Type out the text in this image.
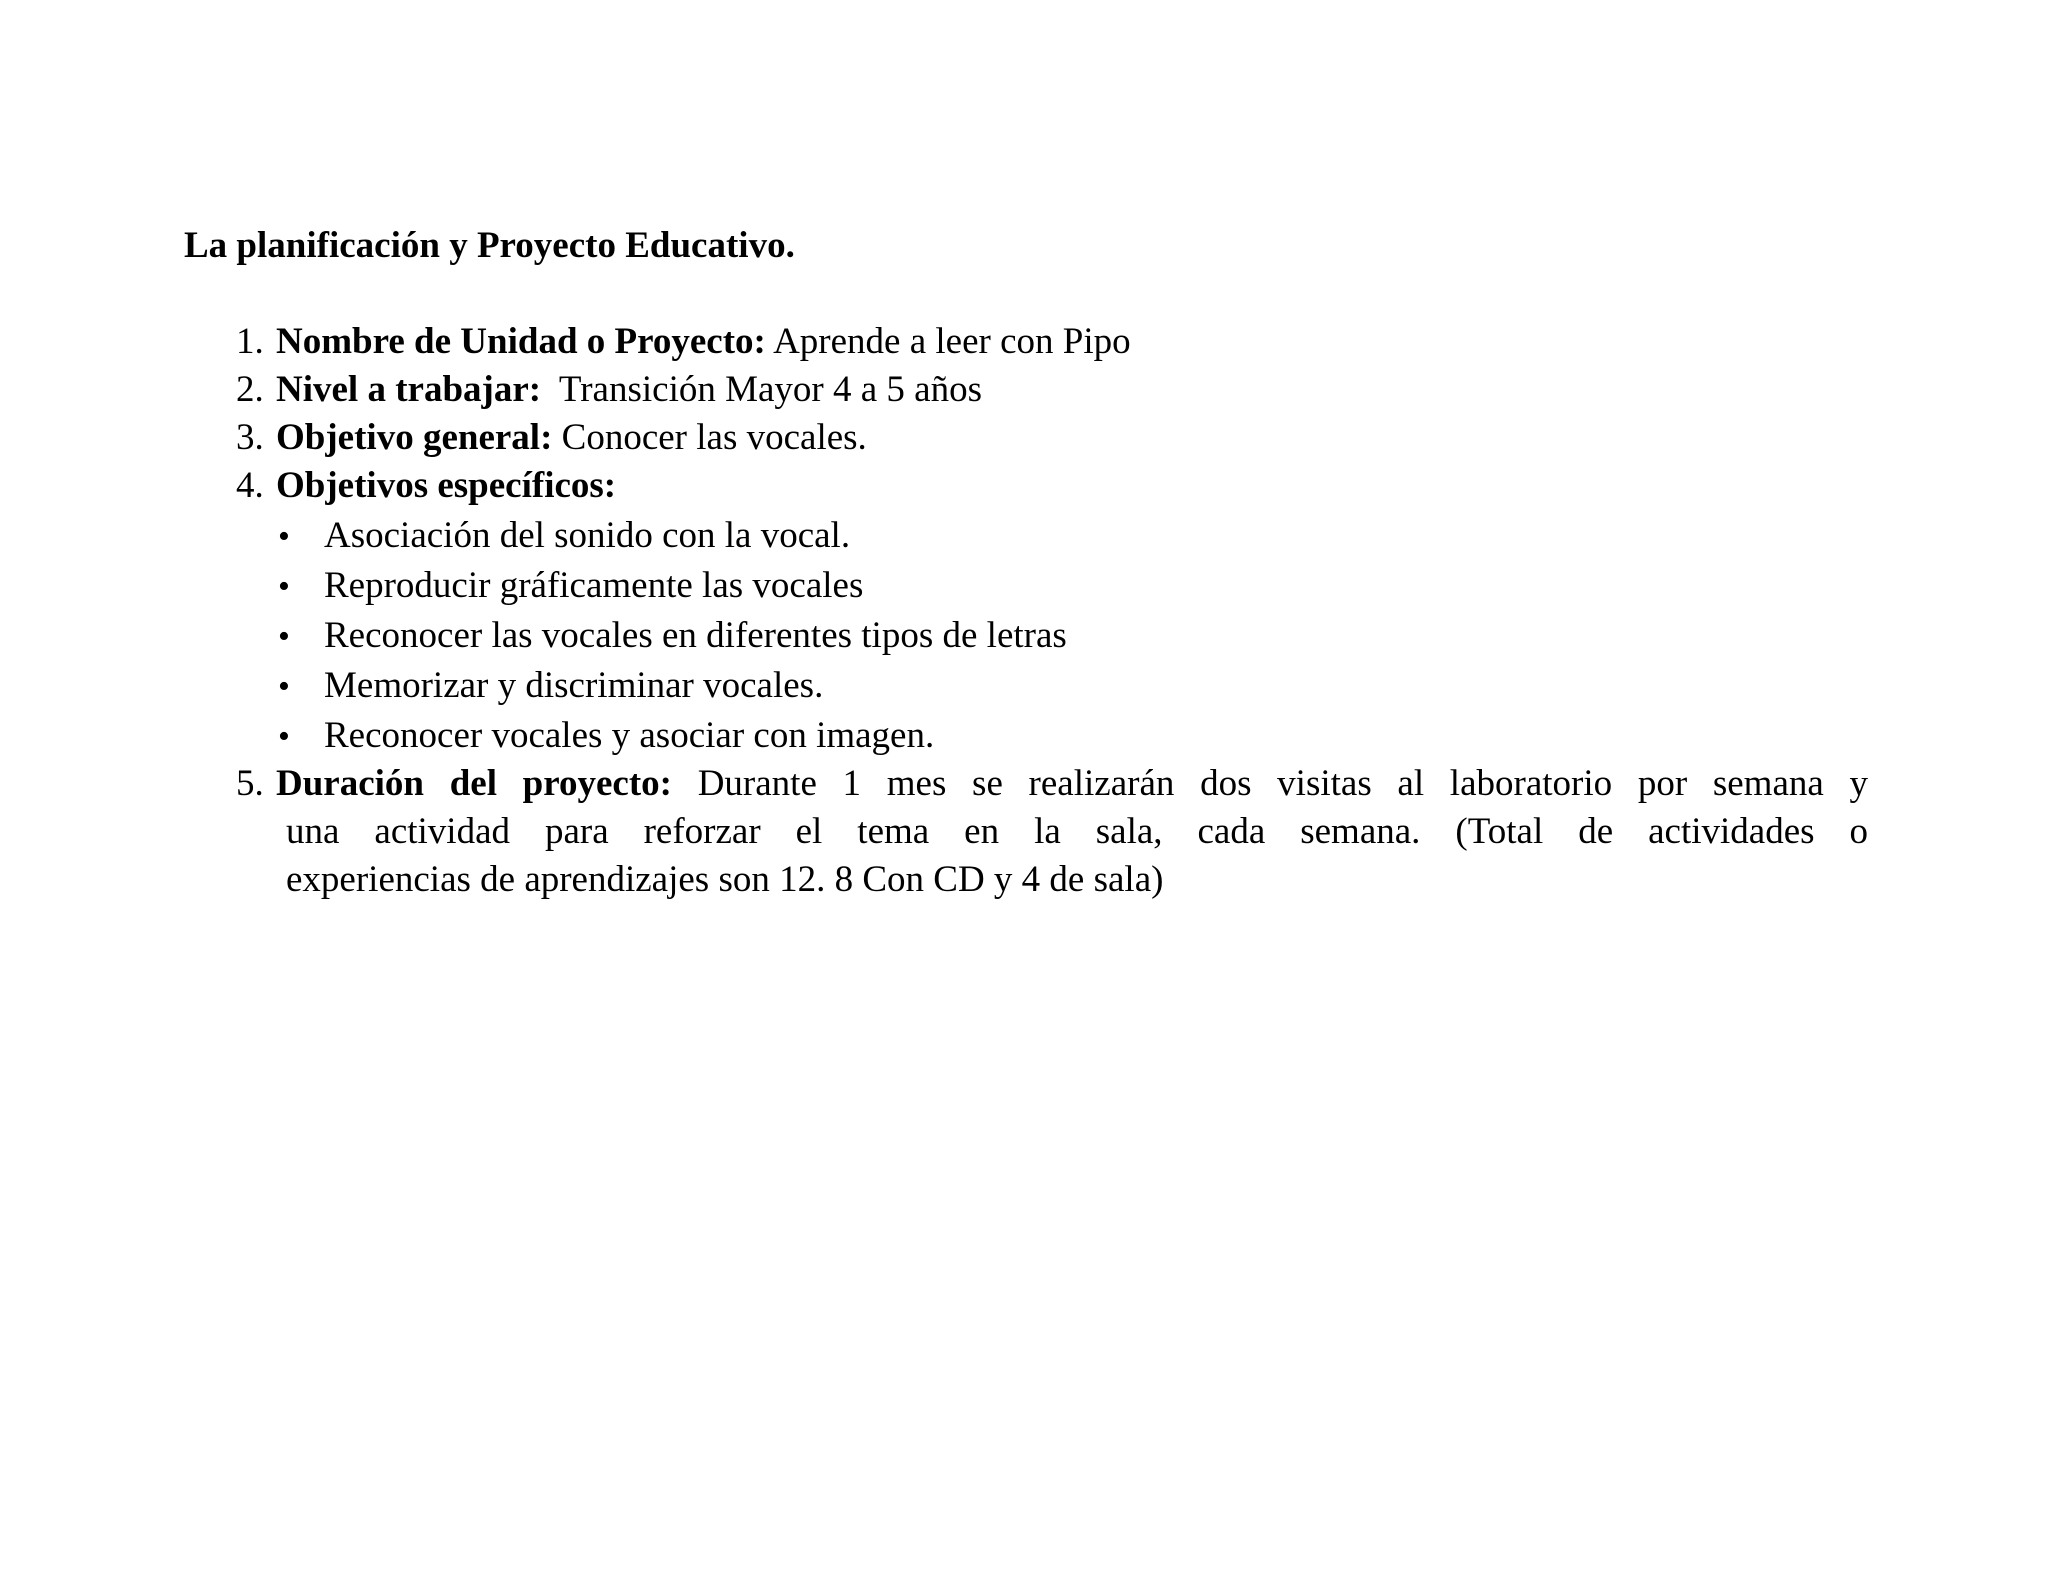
La planificación y Proyecto Educativo.
1. Nombre de Unidad o Proyecto: Aprende a leer con Pipo
2. Nivel a trabajar:  Transición Mayor 4 a 5 años
3. Objetivo general: Conocer las vocales.
4. Objetivos específicos:
• Asociación del sonido con la vocal.
• Reproducir gráficamente las vocales
• Reconocer las vocales en diferentes tipos de letras
• Memorizar y discriminar vocales.
• Reconocer vocales y asociar con imagen.
5. Duración del proyecto: Durante 1 mes se realizarán dos visitas al laboratorio por semana y
una actividad para reforzar el tema en la sala, cada semana. (Total de actividades o
experiencias de aprendizajes son 12. 8 Con CD y 4 de sala)
